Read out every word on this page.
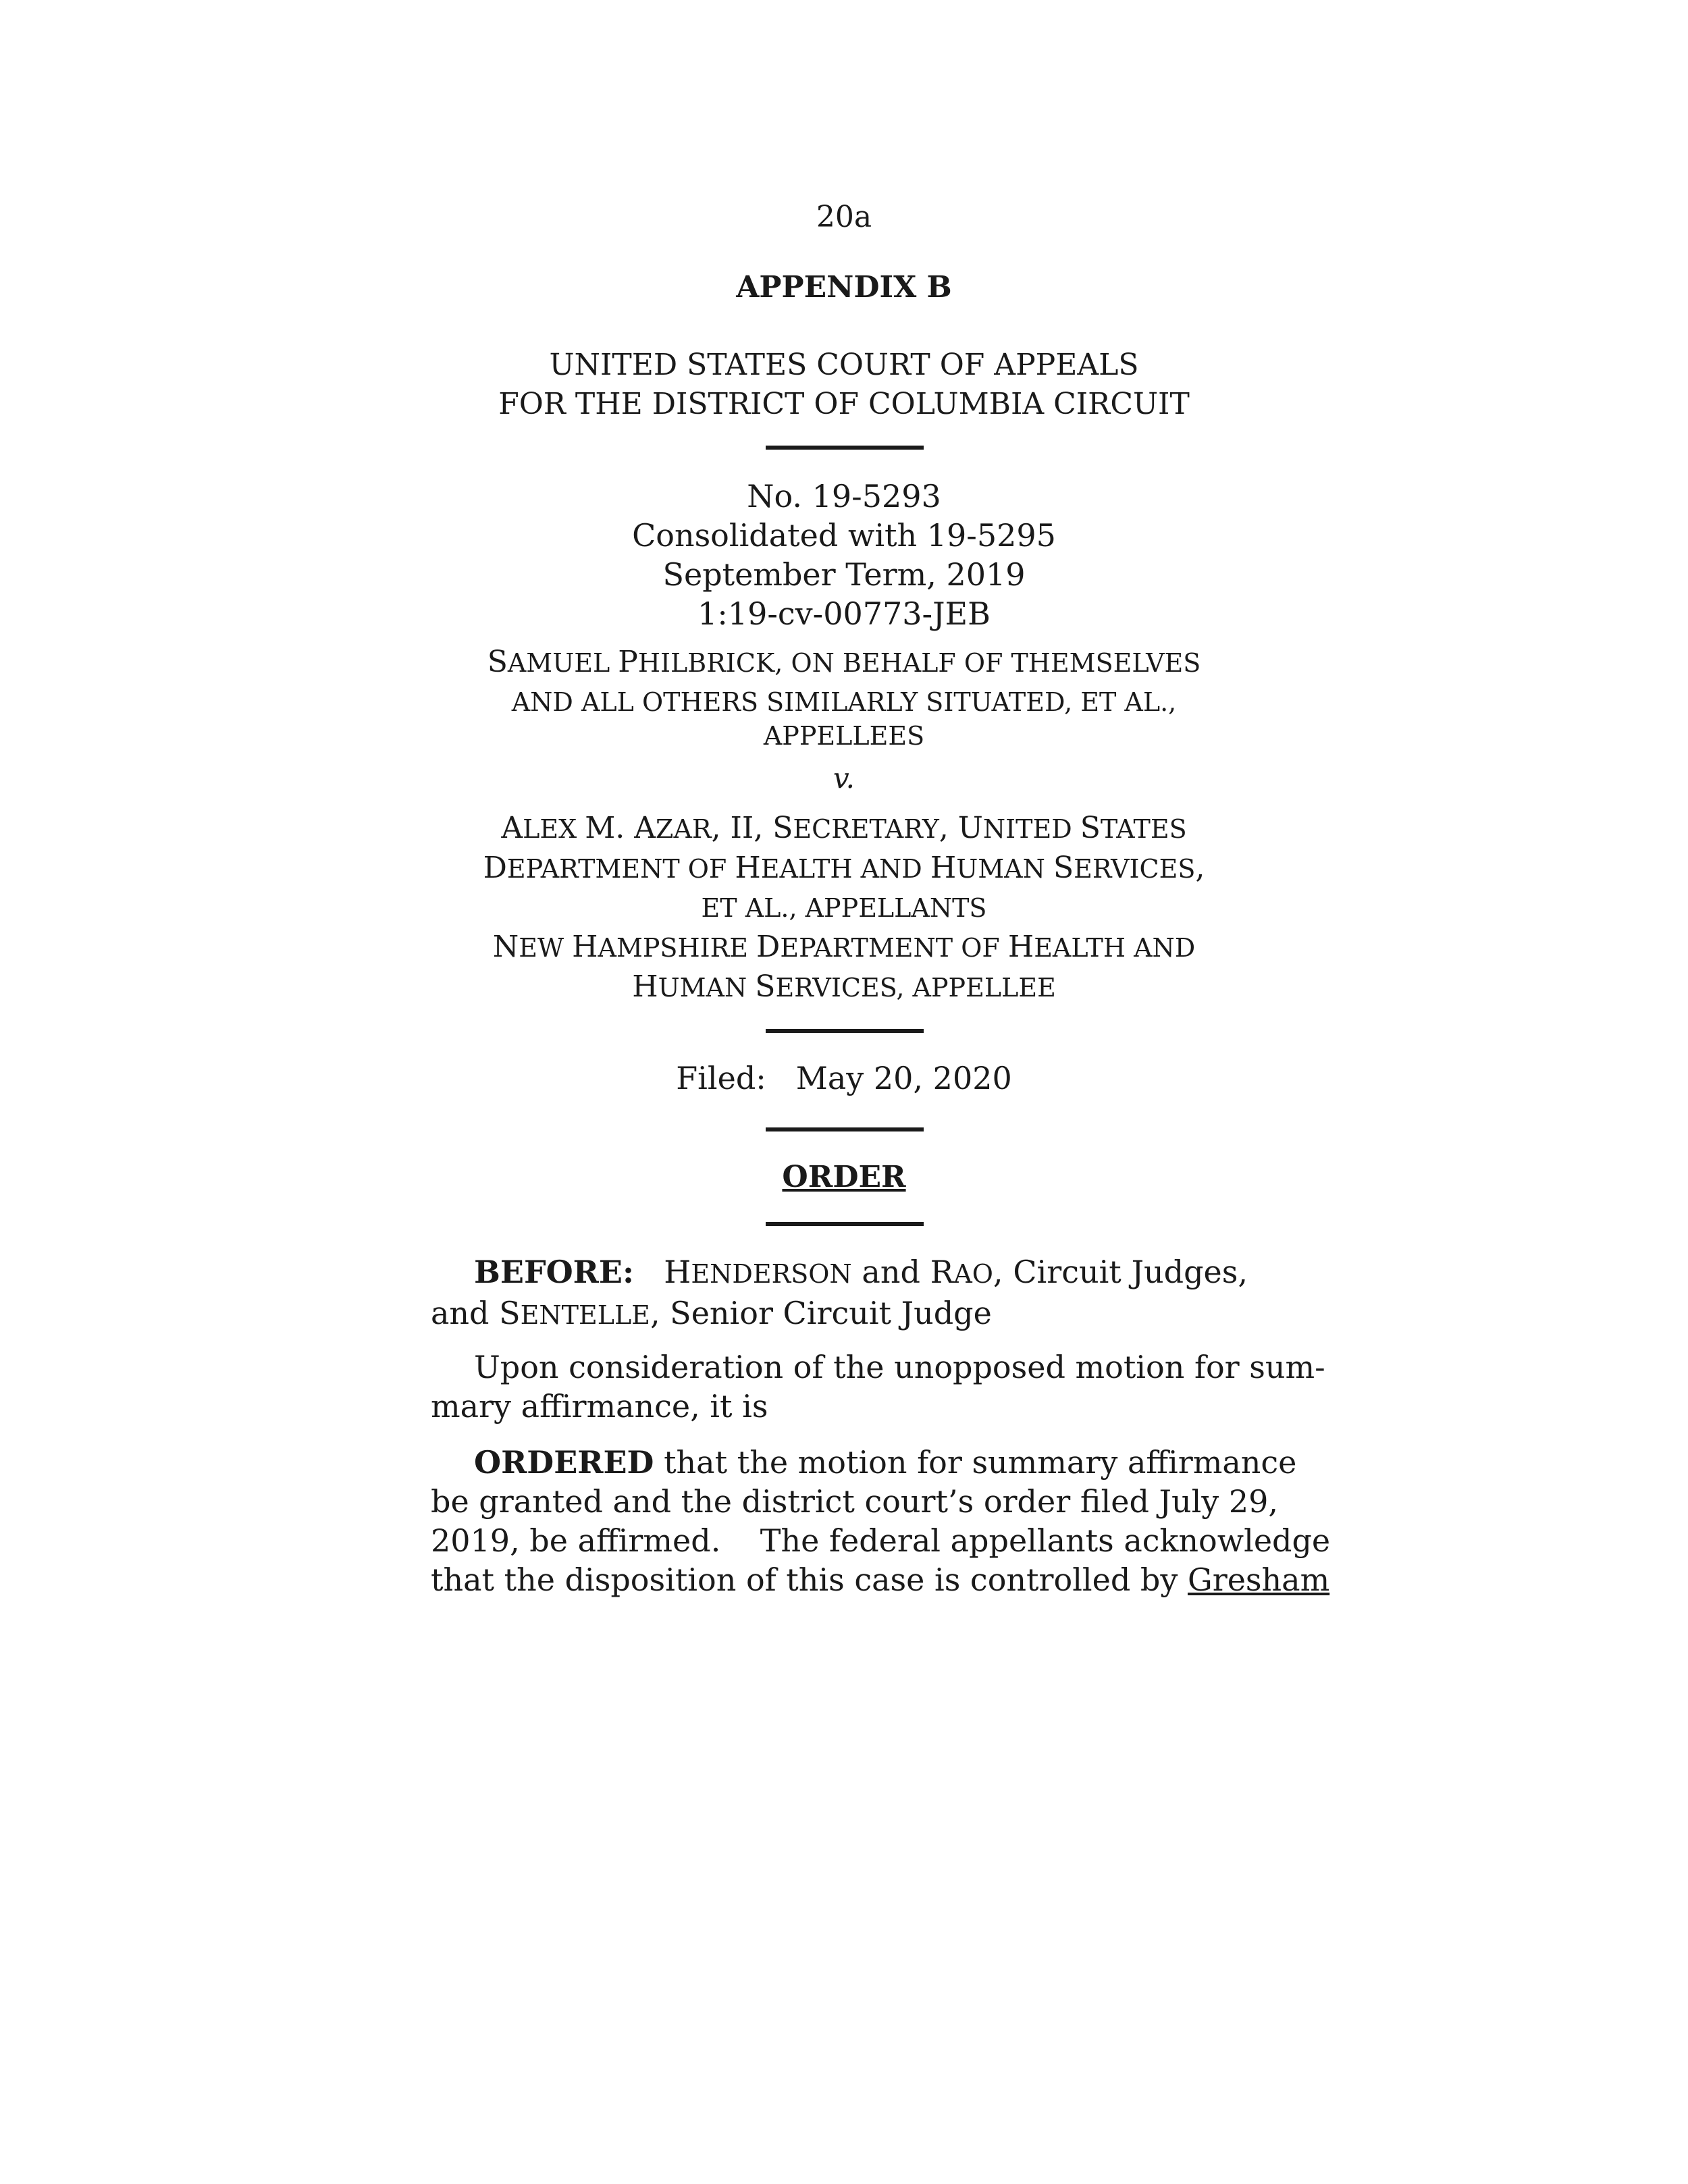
20a
APPENDIX B
UNITED STATES COURT OF APPEALS
FOR THE DISTRICT OF COLUMBIA CIRCUIT
No. 19-5293
Consolidated with 19-5295
September Term, 2019
1:19-cv-00773-JEB
SAMUEL PHILBRICK, ON BEHALF OF THEMSELVES
AND ALL OTHERS SIMILARLY SITUATED, ET AL.,
APPELLEES
v.
ALEX M. AZAR, II, SECRETARY, UNITED STATES
DEPARTMENT OF HEALTH AND HUMAN SERVICES,
ET AL., APPELLANTS
NEW HAMPSHIRE DEPARTMENT OF HEALTH AND
HUMAN SERVICES, APPELLEE
Filed: May 20, 2020
ORDER
BEFORE: HENDERSON and RAO, Circuit Judges,
and SENTELLE, Senior Circuit Judge
Upon consideration of the unopposed motion for sum-
mary affirmance, it is
ORDERED that the motion for summary affirmance
be granted and the district court’s order filed July 29,
2019, be affirmed.    The federal appellants acknowledge
that the disposition of this case is controlled by Gresham
